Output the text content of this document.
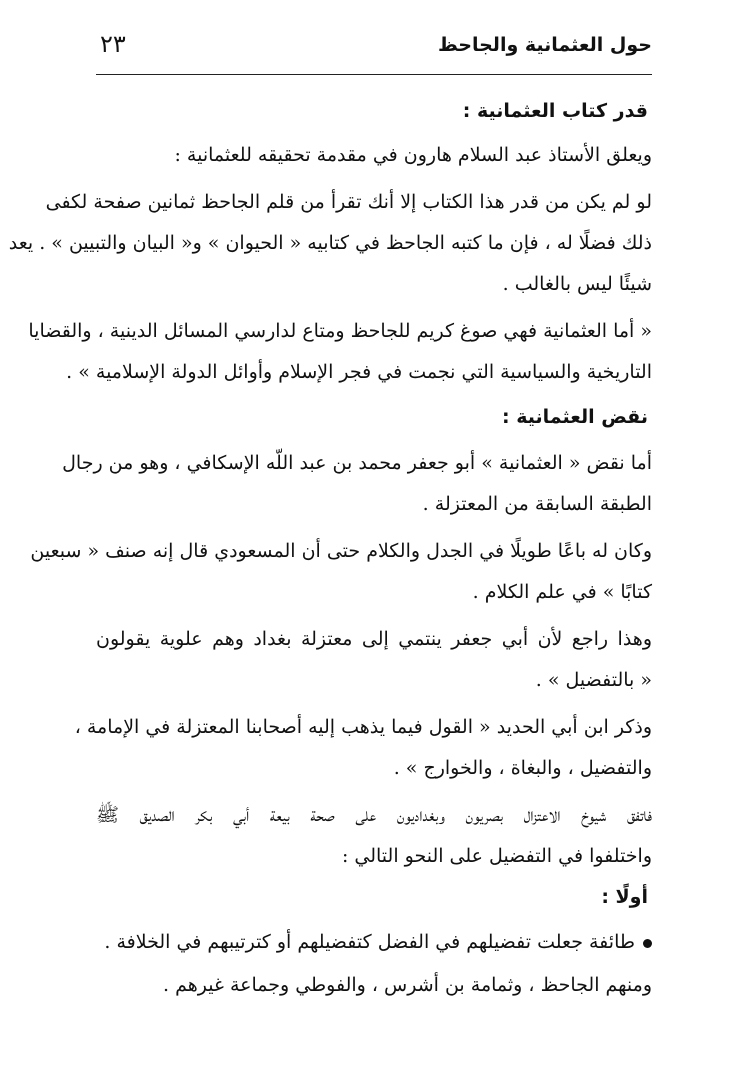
حول العثمانية والجاحظ
٢٣
قدر كتاب العثمانية :
ويعلق الأستاذ عبد السلام هارون في مقدمة تحقيقه للعثمانية :
لو لم يكن من قدر هذا الكتاب إلا أنك تقرأ من قلم الجاحظ ثمانين صفحة لكفى
ذلك فضلًا له ، فإن ما كتبه الجاحظ في كتابيه « الحيوان » و« البيان والتبيين » . يعد
شيئًا ليس بالغالب .
« أما العثمانية فهي صوغ كريم للجاحظ ومتاع لدارسي المسائل الدينية ، والقضايا
التاريخية والسياسية التي نجمت في فجر الإسلام وأوائل الدولة الإسلامية » .
نقض العثمانية :
أما نقض « العثمانية » أبو جعفر محمد بن عبد اللّه الإسكافي ، وهو من رجال
الطبقة السابقة من المعتزلة .
وكان له باعًا طويلًا في الجدل والكلام حتى أن المسعودي قال إنه صنف « سبعين
كتابًا » في علم الكلام .
وهذا راجع لأن أبي جعفر ينتمي إلى معتزلة بغداد وهم علوية يقولون
« بالتفضيل » .
وذكر ابن أبي الحديد « القول فيما يذهب إليه أصحابنا المعتزلة في الإمامة ،
والتفضيل ، والبغاة ، والخوارج » .
فاتفق شيوخ الاعتزال بصريون وبغداديون على صحة بيعة أبي بكر الصديق ﷺ
واختلفوا في التفضيل على النحو التالي :
أولًا :
طائفة جعلت تفضيلهم في الفضل كتفضيلهم أو كترتيبهم في الخلافة .
ومنهم الجاحظ ، وثمامة بن أشرس ، والفوطي وجماعة غيرهم .
